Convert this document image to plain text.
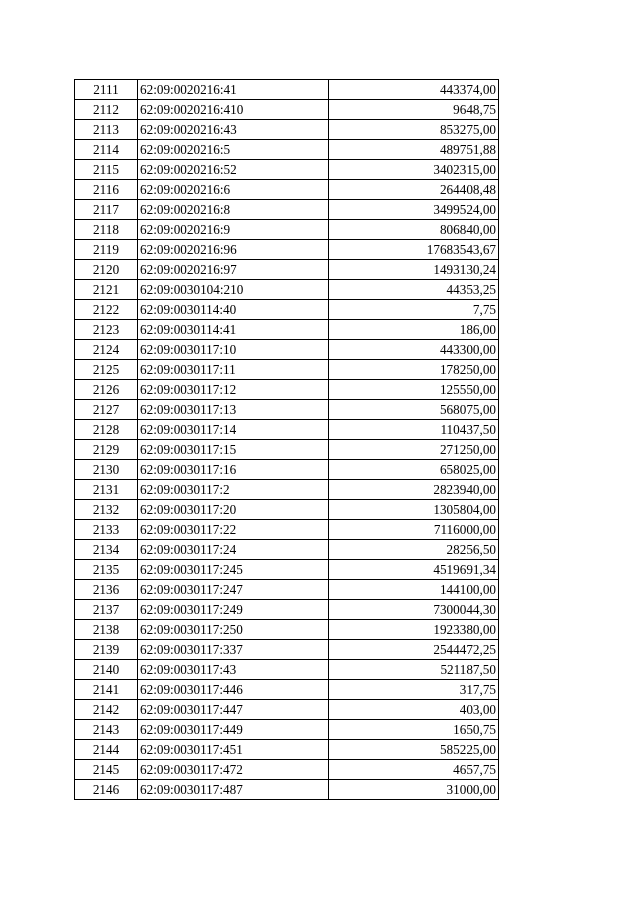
2111	62:09:0020216:41	443374,00
2112	62:09:0020216:410	9648,75
2113	62:09:0020216:43	853275,00
2114	62:09:0020216:5	489751,88
2115	62:09:0020216:52	3402315,00
2116	62:09:0020216:6	264408,48
2117	62:09:0020216:8	3499524,00
2118	62:09:0020216:9	806840,00
2119	62:09:0020216:96	17683543,67
2120	62:09:0020216:97	1493130,24
2121	62:09:0030104:210	44353,25
2122	62:09:0030114:40	7,75
2123	62:09:0030114:41	186,00
2124	62:09:0030117:10	443300,00
2125	62:09:0030117:11	178250,00
2126	62:09:0030117:12	125550,00
2127	62:09:0030117:13	568075,00
2128	62:09:0030117:14	110437,50
2129	62:09:0030117:15	271250,00
2130	62:09:0030117:16	658025,00
2131	62:09:0030117:2	2823940,00
2132	62:09:0030117:20	1305804,00
2133	62:09:0030117:22	7116000,00
2134	62:09:0030117:24	28256,50
2135	62:09:0030117:245	4519691,34
2136	62:09:0030117:247	144100,00
2137	62:09:0030117:249	7300044,30
2138	62:09:0030117:250	1923380,00
2139	62:09:0030117:337	2544472,25
2140	62:09:0030117:43	521187,50
2141	62:09:0030117:446	317,75
2142	62:09:0030117:447	403,00
2143	62:09:0030117:449	1650,75
2144	62:09:0030117:451	585225,00
2145	62:09:0030117:472	4657,75
2146	62:09:0030117:487	31000,00
